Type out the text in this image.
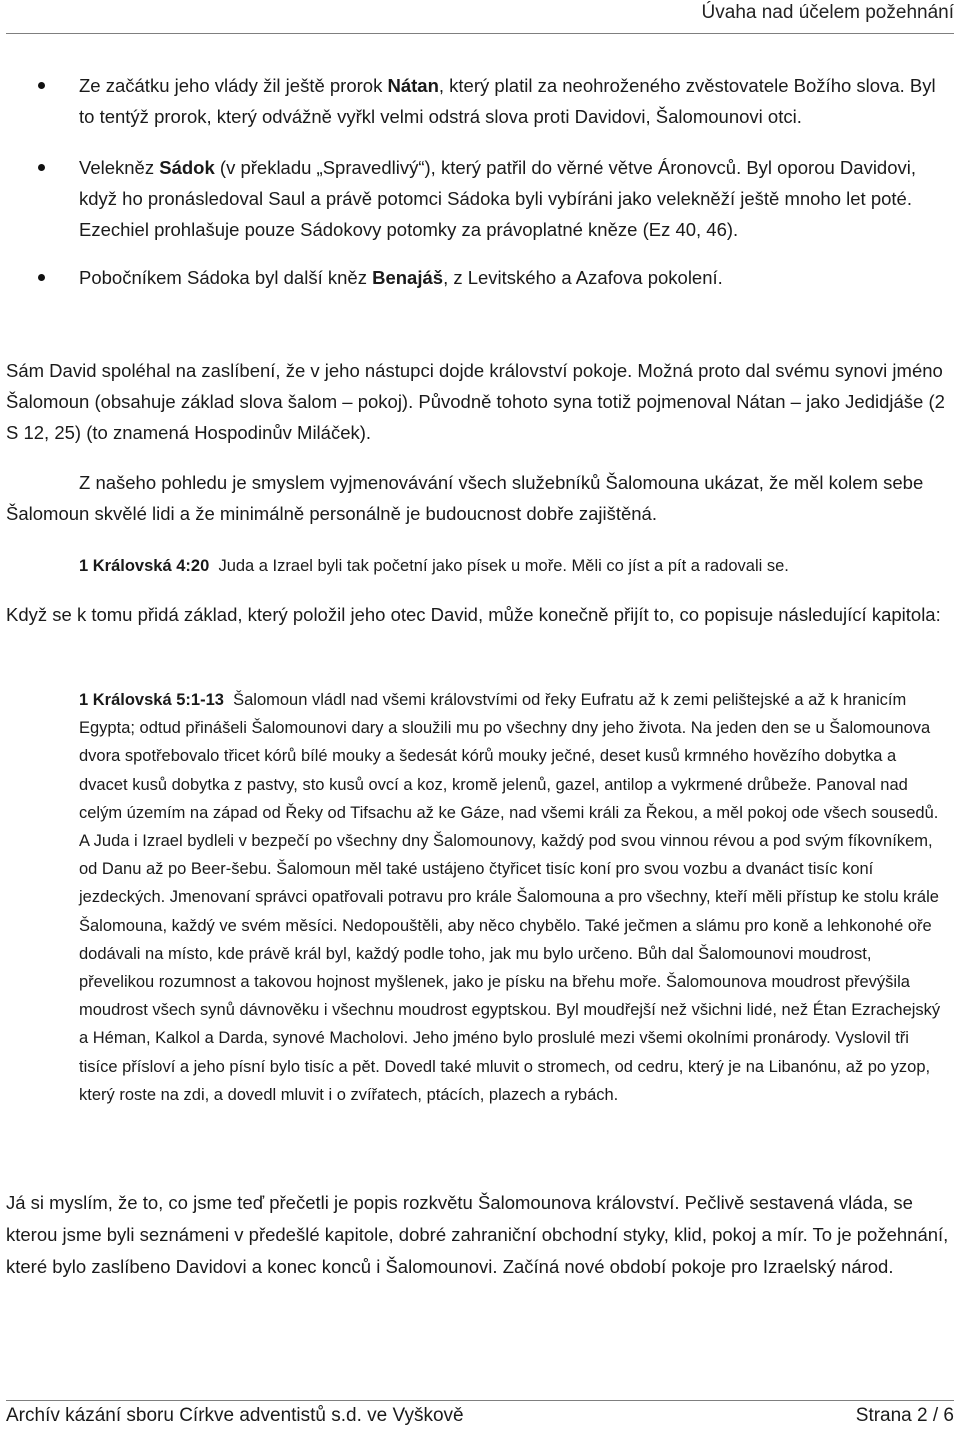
Úvaha nad účelem požehnání
Ze začátku jeho vlády žil ještě prorok Nátan, který platil za neohroženého zvěstovatele Božího slova. Byl to tentýž prorok, který odvážně vyřkl velmi odstrá slova proti Davidovi, Šalomounovi otci.
Velekněz Sádok (v překladu „Spravedlivý“), který patřil do věrné větve Áronovců. Byl oporou Davidovi, když ho pronásledoval Saul a právě potomci Sádoka byli vybíráni jako velekněží ještě mnoho let poté. Ezechiel prohlašuje pouze Sádokovy potomky za právoplatné kněze (Ez 40, 46).
Pobočníkem Sádoka byl další kněz Benajáš, z Levitského a Azafova pokolení.

Sám David spoléhal na zaslíbení, že v jeho nástupci dojde království pokoje. Možná proto dal svému synovi jméno Šalomoun (obsahuje základ slova šalom – pokoj). Původně tohoto syna totiž pojmenoval Nátan – jako Jedidjáše (2 S 12, 25) (to znamená Hospodinův Miláček).

Z našeho pohledu je smyslem vyjmenovávání všech služebníků Šalomouna ukázat, že měl kolem sebe Šalomoun skvělé lidi a že minimálně personálně je budoucnost dobře zajištěná.

1 Královská 4:20 Juda a Izrael byli tak početní jako písek u moře. Měli co jíst a pít a radovali se.

Když se k tomu přidá základ, který položil jeho otec David, může konečně přijít to, co popisuje následující kapitola:

1 Královská 5:1-13 Šalomoun vládl nad všemi královstvími od řeky Eufratu až k zemi pelištejské a až k hranicím Egypta; odtud přinášeli Šalomounovi dary a sloužili mu po všechny dny jeho života. Na jeden den se u Šalomounova dvora spotřebovalo třicet kórů bílé mouky a šedesát kórů mouky ječné, deset kusů krmného hovězího dobytka a dvacet kusů dobytka z pastvy, sto kusů ovcí a koz, kromě jelenů, gazel, antilop a vykrmené drůbeže. Panoval nad celým územím na západ od Řeky od Tifsachu až ke Gáze, nad všemi králi za Řekou, a měl pokoj ode všech sousedů. A Juda i Izrael bydleli v bezpečí po všechny dny Šalomounovy, každý pod svou vinnou révou a pod svým fíkovníkem, od Danu až po Beer-šebu. Šalomoun měl také ustájeno čtyřicet tisíc koní pro svou vozbu a dvanáct tisíc koní jezdeckých. Jmenovaní správci opatřovali potravu pro krále Šalomouna a pro všechny, kteří měli přístup ke stolu krále Šalomouna, každý ve svém měsíci. Nedopouštěli, aby něco chybělo. Také ječmen a slámu pro koně a lehkonohé oře dodávali na místo, kde právě král byl, každý podle toho, jak mu bylo určeno. Bůh dal Šalomounovi moudrost, převelikou rozumnost a takovou hojnost myšlenek, jako je písku na břehu moře. Šalomounova moudrost převýšila moudrost všech synů dávnověku i všechnu moudrost egyptskou. Byl moudřejší než všichni lidé, než Étan Ezrachejský a Héman, Kalkol a Darda, synové Macholovi. Jeho jméno bylo proslulé mezi všemi okolními pronárody. Vyslovil tři tisíce přísloví a jeho písní bylo tisíc a pět. Dovedl také mluvit o stromech, od cedru, který je na Libanónu, až po yzop, který roste na zdi, a dovedl mluvit i o zvířatech, ptácích, plazech a rybách.

Já si myslím, že to, co jsme teď přečetli je popis rozkvětu Šalomounova království. Pečlivě sestavená vláda, se kterou jsme byli seznámeni v předešlé kapitole, dobré zahraniční obchodní styky, klid, pokoj a mír. To je požehnání, které bylo zaslíbeno Davidovi a konec konců i Šalomounovi. Začíná nové období pokoje pro Izraelský národ.

Archív kázání sboru Církve adventistů s.d. ve Vyškově	Strana 2 / 6
